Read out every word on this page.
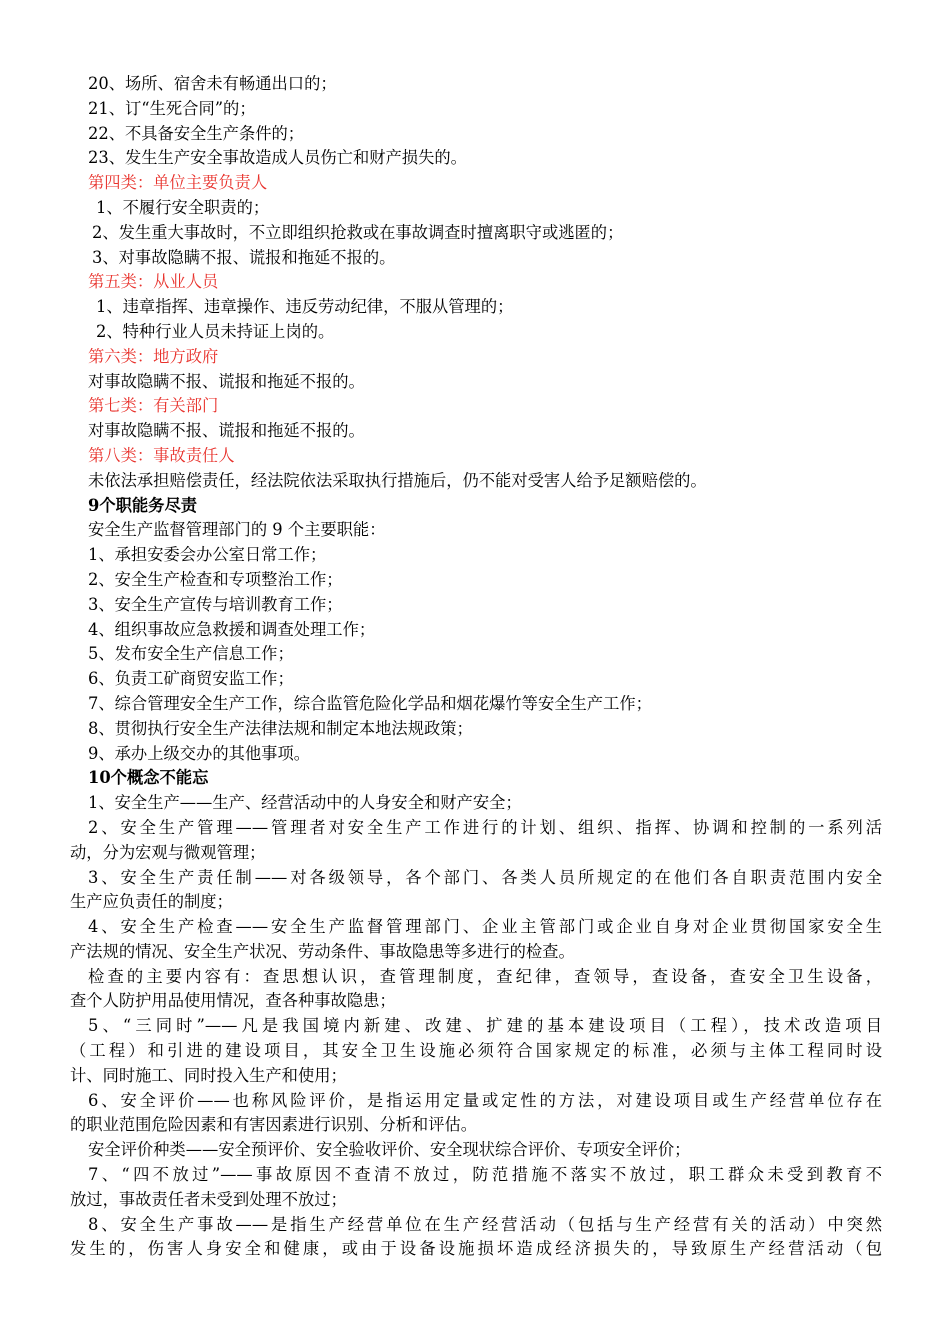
20、场所、宿舍未有畅通出口的；
21、订“生死合同”的；
22、不具备安全生产条件的；
23、发生生产安全事故造成人员伤亡和财产损失的。
第四类：单位主要负责人
1、不履行安全职责的；
2、发生重大事故时，不立即组织抢救或在事故调查时擅离职守或逃匿的；
3、对事故隐瞒不报、谎报和拖延不报的。
第五类：从业人员
1、违章指挥、违章操作、违反劳动纪律，不服从管理的；
2、特种行业人员未持证上岗的。
第六类：地方政府
对事故隐瞒不报、谎报和拖延不报的。
第七类：有关部门
对事故隐瞒不报、谎报和拖延不报的。
第八类：事故责任人
未依法承担赔偿责任，经法院依法采取执行措施后，仍不能对受害人给予足额赔偿的。
9个职能务尽责
安全生产监督管理部门的 9 个主要职能：
1、承担安委会办公室日常工作；
2、安全生产检查和专项整治工作；
3、安全生产宣传与培训教育工作；
4、组织事故应急救援和调查处理工作；
5、发布安全生产信息工作；
6、负责工矿商贸安监工作；
7、综合管理安全生产工作，综合监管危险化学品和烟花爆竹等安全生产工作；
8、贯彻执行安全生产法律法规和制定本地法规政策；
9、承办上级交办的其他事项。
10个概念不能忘
1、安全生产——生产、经营活动中的人身安全和财产安全；
2、安全生产管理——管理者对安全生产工作进行的计划、组织、指挥、协调和控制的一系列活
动，分为宏观与微观管理；
3、安全生产责任制——对各级领导，各个部门、各类人员所规定的在他们各自职责范围内安全
生产应负责任的制度；
4、安全生产检查——安全生产监督管理部门、企业主管部门或企业自身对企业贯彻国家安全生
产法规的情况、安全生产状况、劳动条件、事故隐患等多进行的检查。
检查的主要内容有：查思想认识，查管理制度，查纪律，查领导，查设备，查安全卫生设备，
查个人防护用品使用情况，查各种事故隐患；
5、“三同时”——凡是我国境内新建、改建、扩建的基本建设项目（工程），技术改造项目
（工程）和引进的建设项目，其安全卫生设施必须符合国家规定的标准，必须与主体工程同时设
计、同时施工、同时投入生产和使用；
6、安全评价——也称风险评价，是指运用定量或定性的方法，对建设项目或生产经营单位存在
的职业范围危险因素和有害因素进行识别、分析和评估。
安全评价种类——安全预评价、安全验收评价、安全现状综合评价、专项安全评价；
7、“四不放过”——事故原因不查清不放过，防范措施不落实不放过，职工群众未受到教育不
放过，事故责任者未受到处理不放过；
8、安全生产事故——是指生产经营单位在生产经营活动（包括与生产经营有关的活动）中突然
发生的，伤害人身安全和健康，或由于设备设施损坏造成经济损失的，导致原生产经营活动（包
